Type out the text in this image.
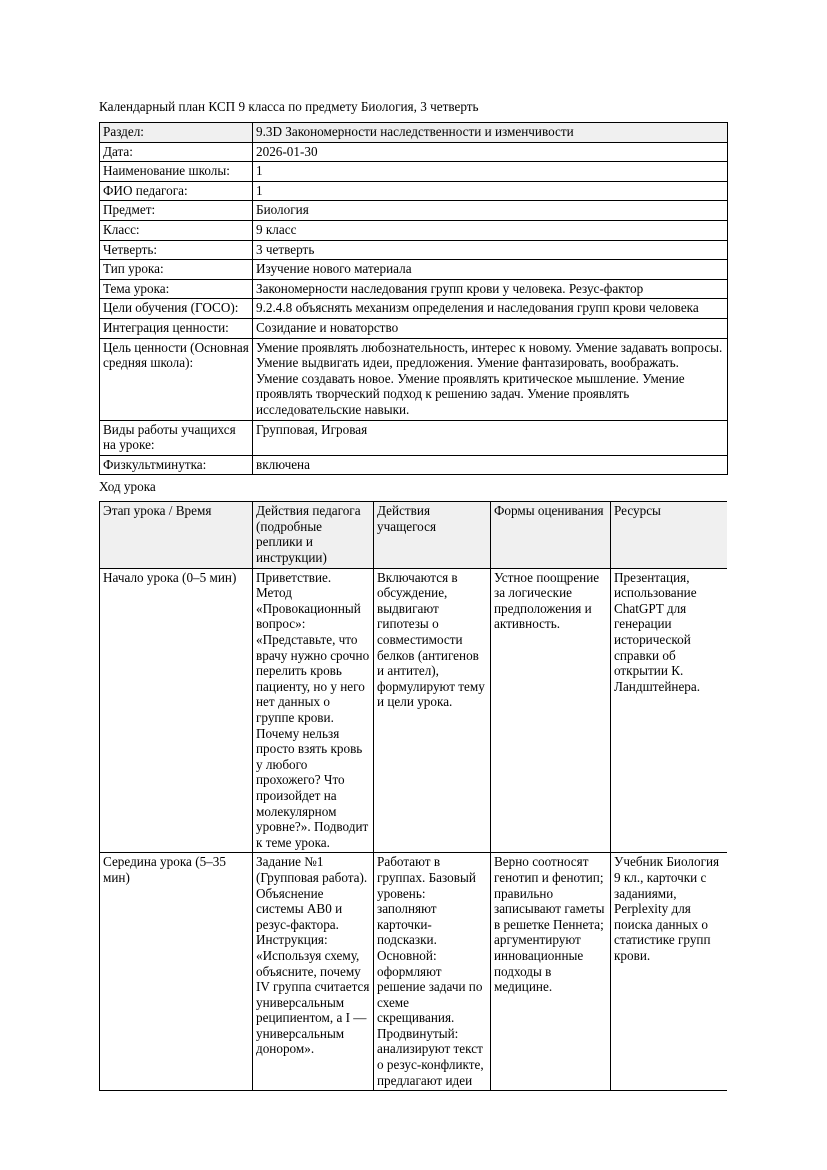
Календарный план КСП 9 класса по предмету Биология, 3 четверть
Раздел:	9.3D Закономерности наследственности и изменчивости
Дата:	2026-01-30
Наименование школы:	1
ФИО педагога:	1
Предмет:	Биология
Класс:	9 класс
Четверть:	3 четверть
Тип урока:	Изучение нового материала
Тема урока:	Закономерности наследования групп крови у человека. Резус-фактор
Цели обучения (ГОСО):	9.2.4.8 объяснять механизм определения и наследования групп крови человека
Интеграция ценности:	Созидание и новаторство
Цель ценности (Основная средняя школа):	Умение проявлять любознательность, интерес к новому. Умение задавать вопросы. Умение выдвигать идеи, предложения. Умение фантазировать, воображать. Умение создавать новое. Умение проявлять критическое мышление. Умение проявлять творческий подход к решению задач. Умение проявлять исследовательские навыки.
Виды работы учащихся на уроке:	Групповая, Игровая
Физкультминутка:	включена
Ход урока
Этап урока / Время	Действия педагога (подробные реплики и инструкции)	Действия учащегося	Формы оценивания	Ресурсы
Начало урока (0–5 мин)	Приветствие. Метод «Провокационный вопрос»: «Представьте, что врачу нужно срочно перелить кровь пациенту, но у него нет данных о группе крови. Почему нельзя просто взять кровь у любого прохожего? Что произойдет на молекулярном уровне?». Подводит к теме урока.	Включаются в обсуждение, выдвигают гипотезы о совместимости белков (антигенов и антител), формулируют тему и цели урока.	Устное поощрение за логические предположения и активность.	Презентация, использование ChatGPT для генерации исторической справки об открытии К. Ландштейнера.
Середина урока (5–35 мин)	Задание №1 (Групповая работа). Объяснение системы AB0 и резус-фактора. Инструкция: «Используя схему, объясните, почему IV группа считается универсальным реципиентом, а I — универсальным донором».	Работают в группах. Базовый уровень: заполняют карточки-подсказки. Основной: оформляют решение задачи по схеме скрещивания. Продвинутый: анализируют текст о резус-конфликте, предлагают идеи	Верно соотносят генотип и фенотип; правильно записывают гаметы в решетке Пеннета; аргументируют инновационные подходы в медицине.	Учебник Биология 9 кл., карточки с заданиями, Perplexity для поиска данных о статистике групп крови.
